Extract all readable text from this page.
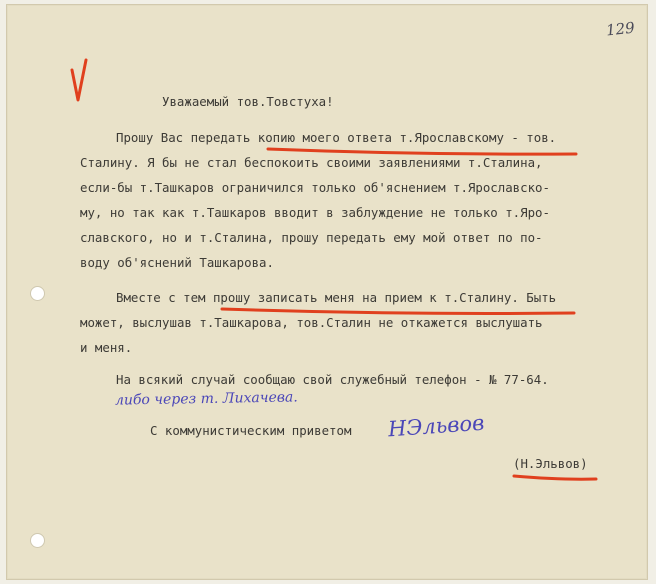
129
Уважаемый тов.Товстуха!
Прошу Вас передать копию моего ответа т.Ярославскому - тов.
Сталину. Я бы не стал беспокоить своими заявлениями т.Сталина,
если-бы т.Ташкаров ограничился только об'яснением т.Ярославско-
му, но так как т.Ташкаров вводит в заблуждение не только т.Яро-
славского, но и т.Сталина, прошу передать ему мой ответ по по-
воду об'яснений Ташкарова.
Вместе с тем прошу записать меня на прием к т.Сталину. Быть
может, выслушав т.Ташкарова, тов.Сталин не откажется выслушать
и меня.
На всякий случай сообщаю свой служебный телефон - № 77-64.
либо через т. Лихачева.
С коммунистическим приветом НЭльвов
(Н.Эльвов)
